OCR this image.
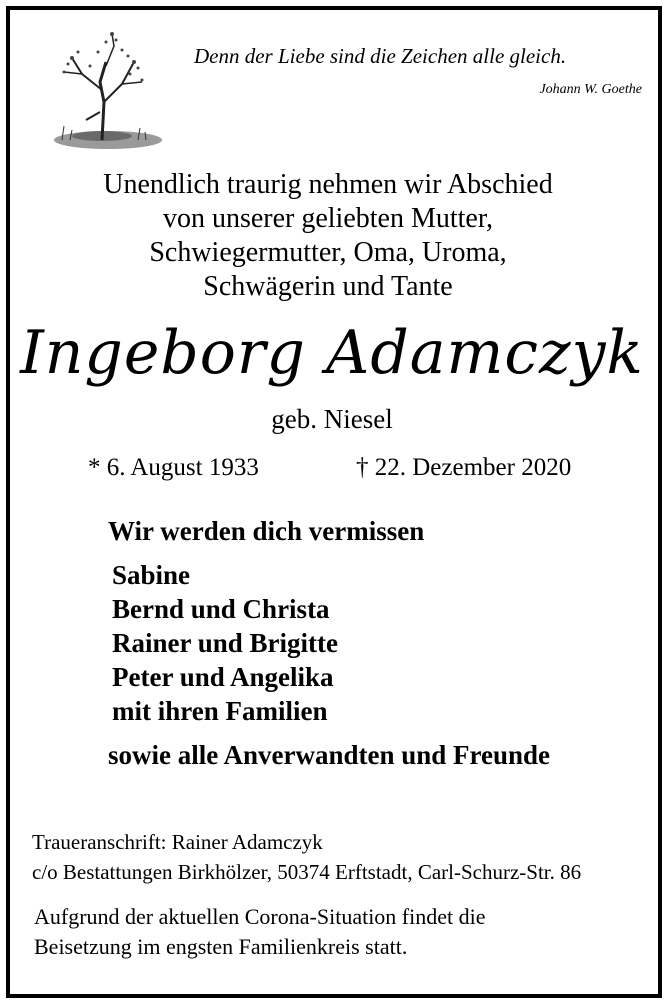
Denn der Liebe sind die Zeichen alle gleich.
Johann W. Goethe
Unendlich traurig nehmen wir Abschied
von unserer geliebten Mutter,
Schwiegermutter, Oma, Uroma,
Schwägerin und Tante
Ingeborg Adamczyk
geb. Niesel
* 6. August 1933	† 22. Dezember 2020
Wir werden dich vermissen
Sabine
Bernd und Christa
Rainer und Brigitte
Peter und Angelika
mit ihren Familien
sowie alle Anverwandten und Freunde
Traueranschrift: Rainer Adamczyk
c/o Bestattungen Birkhölzer, 50374 Erftstadt, Carl-Schurz-Str. 86
Aufgrund der aktuellen Corona-Situation findet die
Beisetzung im engsten Familienkreis statt.
